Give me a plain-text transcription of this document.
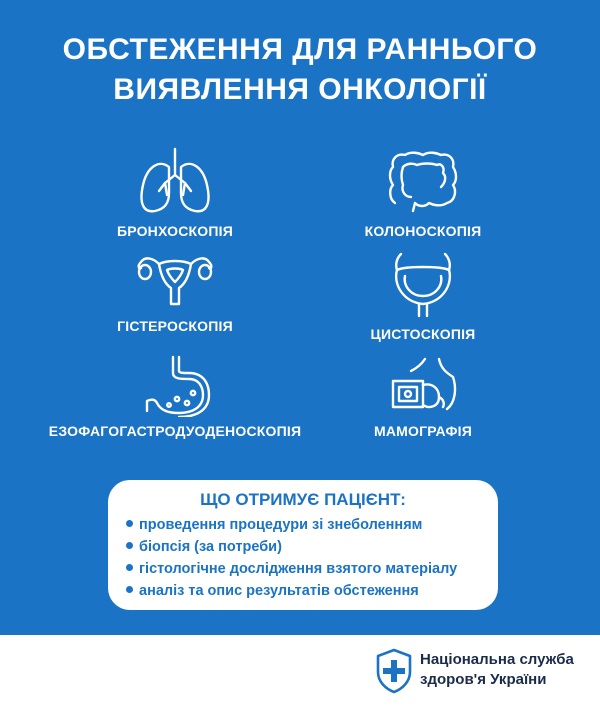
ОБСТЕЖЕННЯ ДЛЯ РАННЬОГО
ВИЯВЛЕННЯ ОНКОЛОГІЇ
БРОНХОСКОПІЯ	КОЛОНОСКОПІЯ
ГІСТЕРОСКОПІЯ	ЦИСТОСКОПІЯ
ЕЗОФАГОГАСТРОДУОДЕНОСКОПІЯ	МАМОГРАФІЯ
ЩО ОТРИМУЄ ПАЦІЄНТ:
проведення процедури зі знеболенням
біопсія (за потреби)
гістологічне дослідження взятого матеріалу
аналіз та опис результатів обстеження
Національна служба
здоров'я України
